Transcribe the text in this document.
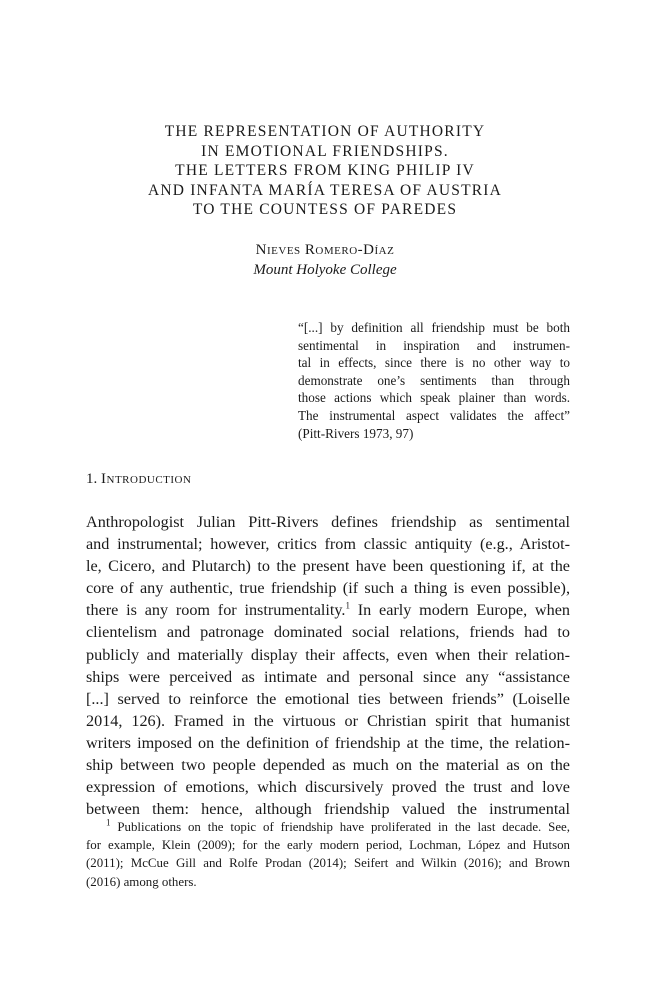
THE REPRESENTATION OF AUTHORITY
IN EMOTIONAL FRIENDSHIPS.
THE LETTERS FROM KING PHILIP IV
AND INFANTA MARÍA TERESA OF AUSTRIA
TO THE COUNTESS OF PAREDES
Nieves Romero-Díaz
Mount Holyoke College
“[...] by definition all friendship must be both
sentimental in inspiration and instrumen-
tal in effects, since there is no other way to
demonstrate one’s sentiments than through
those actions which speak plainer than words.
The instrumental aspect validates the affect”
(Pitt-Rivers 1973, 97)
1. Introduction
Anthropologist Julian Pitt-Rivers defines friendship as sentimental
and instrumental; however, critics from classic antiquity (e.g., Aristot-
le, Cicero, and Plutarch) to the present have been questioning if, at the
core of any authentic, true friendship (if such a thing is even possible),
there is any room for instrumentality.$^1$ In early modern Europe, when
clientelism and patronage dominated social relations, friends had to
publicly and materially display their affects, even when their relation-
ships were perceived as intimate and personal since any “assistance
[...] served to reinforce the emotional ties between friends” (Loiselle
2014, 126). Framed in the virtuous or Christian spirit that humanist
writers imposed on the definition of friendship at the time, the relation-
ship between two people depended as much on the material as on the
expression of emotions, which discursively proved the trust and love
between them: hence, although friendship valued the instrumental
$^1$ Publications on the topic of friendship have proliferated in the last decade. See,
for example, Klein (2009); for the early modern period, Lochman, López and Hutson
(2011); McCue Gill and Rolfe Prodan (2014); Seifert and Wilkin (2016); and Brown
(2016) among others.
